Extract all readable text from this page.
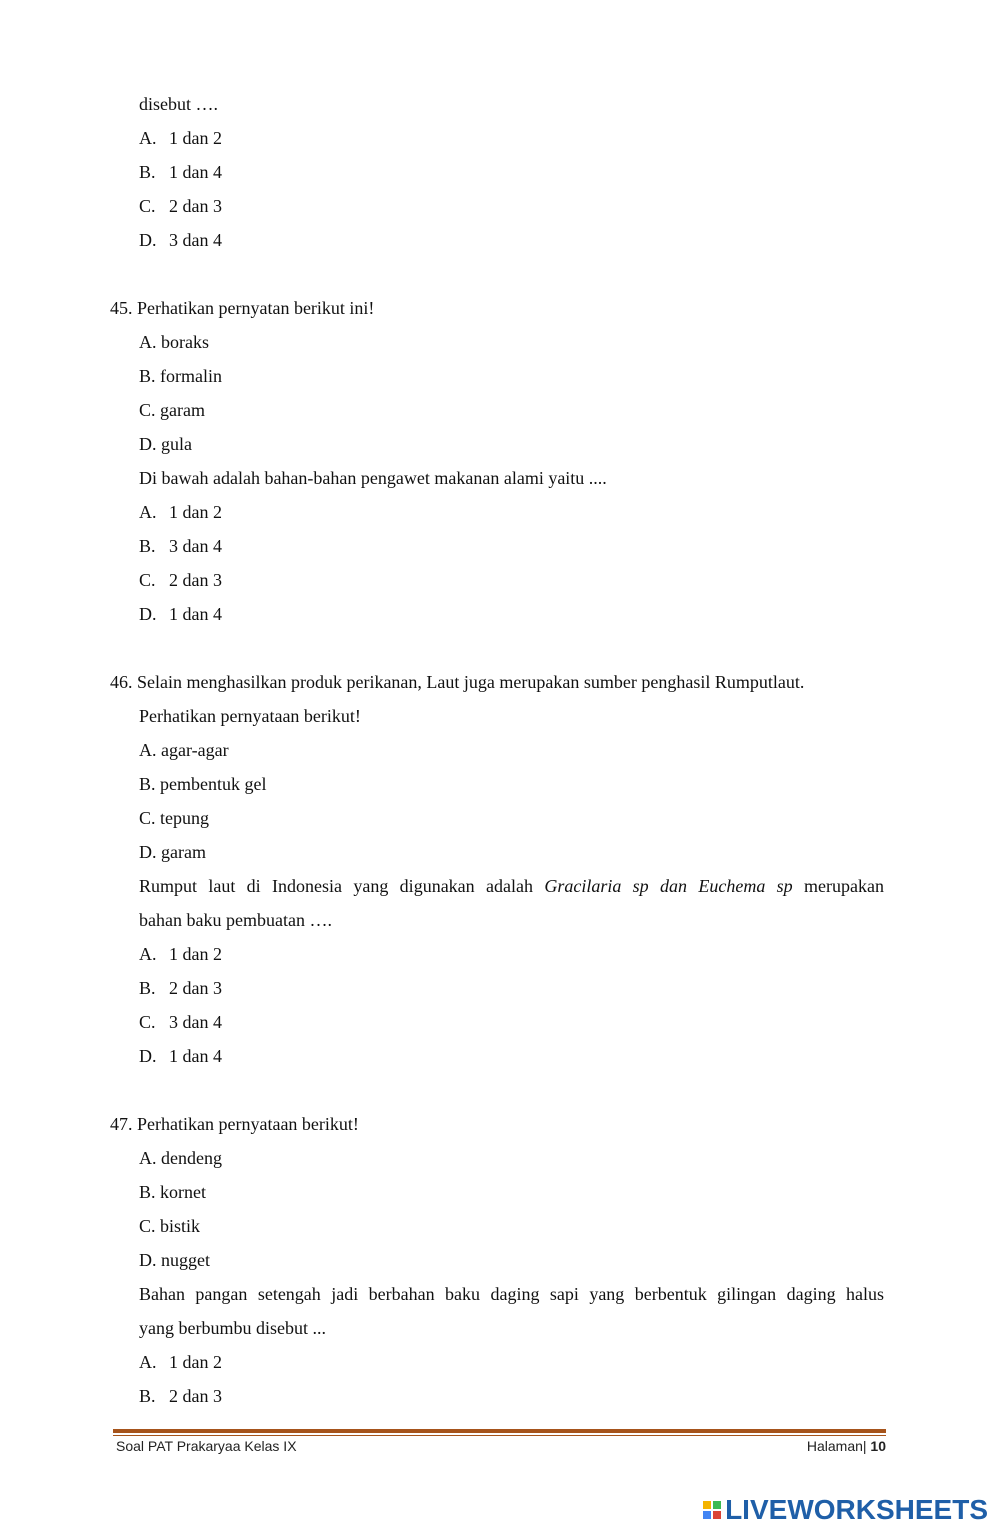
disebut ….
A. 1 dan 2
B. 1 dan 4
C. 2 dan 3
D. 3 dan 4
45. Perhatikan pernyatan berikut ini!
A. boraks
B. formalin
C. garam
D. gula
Di bawah adalah bahan-bahan pengawet makanan alami yaitu ....
A. 1 dan 2
B. 3 dan 4
C. 2 dan 3
D. 1 dan 4
46. Selain menghasilkan produk perikanan, Laut juga merupakan sumber penghasil Rumputlaut.
Perhatikan pernyataan berikut!
A. agar-agar
B. pembentuk gel
C. tepung
D. garam
Rumput laut di Indonesia yang digunakan adalah Gracilaria sp dan Euchema sp merupakan
bahan baku pembuatan ….
A. 1 dan 2
B. 2 dan 3
C. 3 dan 4
D. 1 dan 4
47. Perhatikan pernyataan berikut!
A. dendeng
B. kornet
C. bistik
D. nugget
Bahan pangan setengah jadi berbahan baku daging sapi yang berbentuk gilingan daging halus
yang berbumbu disebut ...
A. 1 dan 2
B. 2 dan 3
Soal PAT Prakaryaa Kelas IX	Halaman| 10
LIVEWORKSHEETS
